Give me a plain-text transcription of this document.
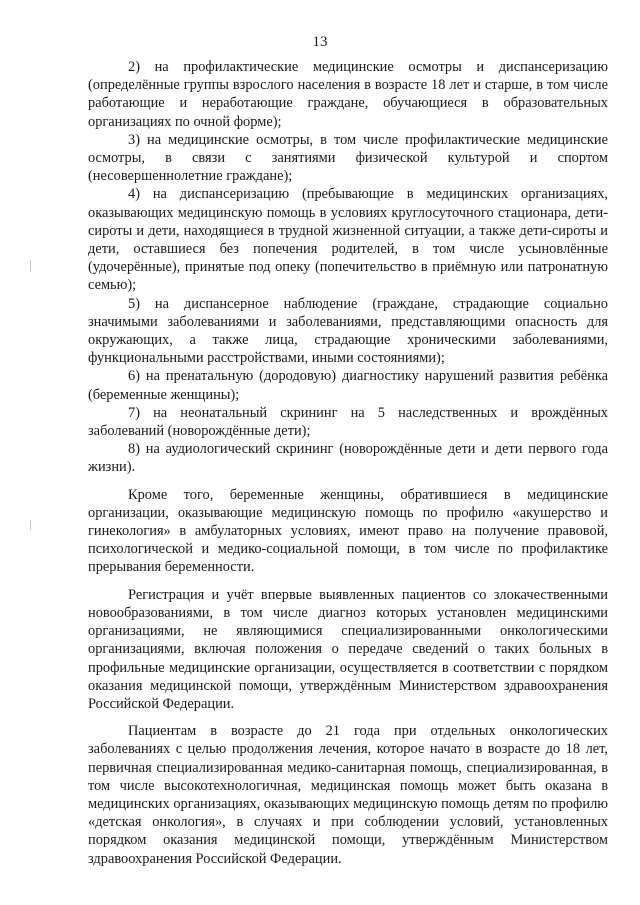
13

2) на профилактические медицинские осмотры и диспансеризацию (определённые группы взрослого населения в возрасте 18 лет и старше, в том числе работающие и неработающие граждане, обучающиеся в образовательных организациях по очной форме);

3) на медицинские осмотры, в том числе профилактические медицинские осмотры, в связи с занятиями физической культурой и спортом (несовершеннолетние граждане);

4) на диспансеризацию (пребывающие в медицинских организациях, оказывающих медицинскую помощь в условиях круглосуточного стационара, дети-сироты и дети, находящиеся в трудной жизненной ситуации, а также дети-сироты и дети, оставшиеся без попечения родителей, в том числе усыновлённые (удочерённые), принятые под опеку (попечительство в приёмную или патронатную семью);

5) на диспансерное наблюдение (граждане, страдающие социально значимыми заболеваниями и заболеваниями, представляющими опасность для окружающих, а также лица, страдающие хроническими заболеваниями, функциональными расстройствами, иными состояниями);

6) на пренатальную (дородовую) диагностику нарушений развития ребёнка (беременные женщины);

7) на неонатальный скрининг на 5 наследственных и врождённых заболеваний (новорождённые дети);

8) на аудиологический скрининг (новорождённые дети и дети первого года жизни).

Кроме того, беременные женщины, обратившиеся в медицинские организации, оказывающие медицинскую помощь по профилю «акушерство и гинекология» в амбулаторных условиях, имеют право на получение правовой, психологической и медико-социальной помощи, в том числе по профилактике прерывания беременности.

Регистрация и учёт впервые выявленных пациентов со злокачественными новообразованиями, в том числе диагноз которых установлен медицинскими организациями, не являющимися специализированными онкологическими организациями, включая положения о передаче сведений о таких больных в профильные медицинские организации, осуществляется в соответствии с порядком оказания медицинской помощи, утверждённым Министерством здравоохранения Российской Федерации.

Пациентам в возрасте до 21 года при отдельных онкологических заболеваниях с целью продолжения лечения, которое начато в возрасте до 18 лет, первичная специализированная медико-санитарная помощь, специализированная, в том числе высокотехнологичная, медицинская помощь может быть оказана в медицинских организациях, оказывающих медицинскую помощь детям по профилю «детская онкология», в случаях и при соблюдении условий, установленных порядком оказания медицинской помощи, утверждённым Министерством здравоохранения Российской Федерации.
